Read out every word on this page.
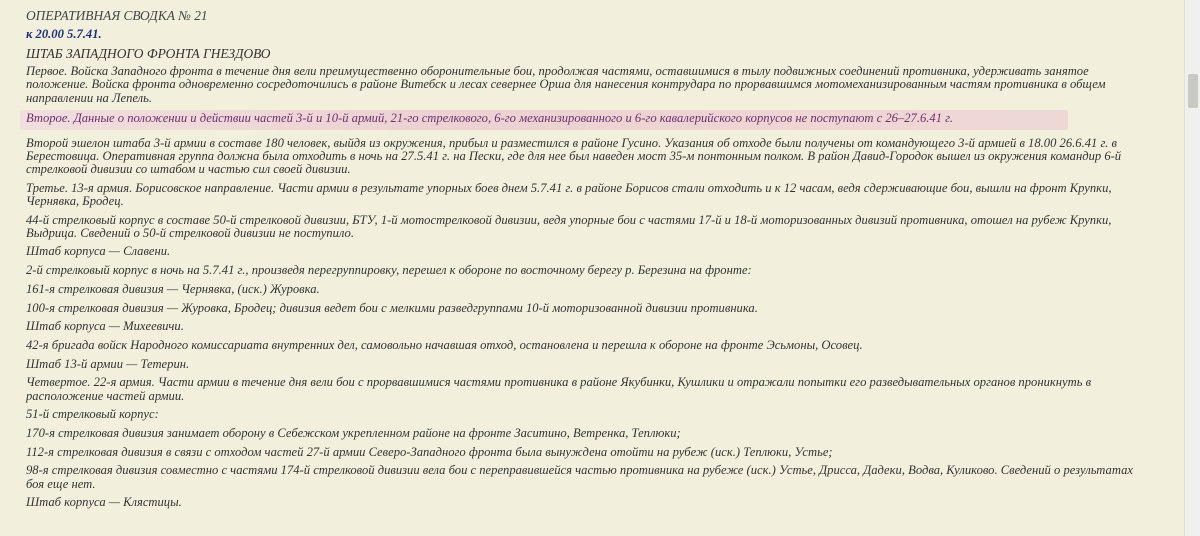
ОПЕРАТИВНАЯ СВОДКА № 21

к 20.00 5.7.41.

ШТАБ ЗАПАДНОГО ФРОНТА ГНЕЗДОВО

Первое. Войска Западного фронта в течение дня вели преимущественно оборонительные бои, продолжая частями, оставшимися в тылу подвижных соединений противника, удерживать занятое положение. Войска фронта одновременно сосредоточились в районе Витебск и лесах севернее Орша для нанесения контрудара по прорвавшимся мотомеханизированным частям противника в общем направлении на Лепель.

Второе. Данные о положении и действии частей 3-й и 10-й армий, 21-го стрелкового, 6-го механизированного и 6-го кавалерийского корпусов не поступают с 26–27.6.41 г.

Второй эшелон штаба 3-й армии в составе 180 человек, выйдя из окружения, прибыл и разместился в районе Гусино. Указания об отходе были получены от командующего 3-й армией в 18.00 26.6.41 г. в Берестовица. Оперативная группа должна была отходить в ночь на 27.5.41 г. на Пески, где для нее был наведен мост 35-м понтонным полком. В район Давид-Городок вышел из окружения командир 6-й стрелковой дивизии со штабом и частью сил своей дивизии.

Третье. 13-я армия. Борисовское направление. Части армии в результате упорных боев днем 5.7.41 г. в районе Борисов стали отходить и к 12 часам, ведя сдерживающие бои, вышли на фронт Крупки, Чернявка, Бродец.

44-й стрелковый корпус в составе 50-й стрелковой дивизии, БТУ, 1-й мотострелковой дивизии, ведя упорные бои с частями 17-й и 18-й моторизованных дивизий противника, отошел на рубеж Крупки, Выдрица. Сведений о 50-й стрелковой дивизии не поступило.

Штаб корпуса — Славени.

2-й стрелковый корпус в ночь на 5.7.41 г., произведя перегруппировку, перешел к обороне по восточному берегу р. Березина на фронте:

161-я стрелковая дивизия — Чернявка, (иск.) Журовка.

100-я стрелковая дивизия — Журовка, Бродец; дивизия ведет бои с мелкими разведгруппами 10-й моторизованной дивизии противника.

Штаб корпуса — Михеевичи.

42-я бригада войск Народного комиссариата внутренних дел, самовольно начавшая отход, остановлена и перешла к обороне на фронте Эсьмоны, Осовец.

Штаб 13-й армии — Тетерин.

Четвертое. 22-я армия. Части армии в течение дня вели бои с прорвавшимися частями противника в районе Якубинки, Кушлики и отражали попытки его разведывательных органов проникнуть в расположение частей армии.

51-й стрелковый корпус:

170-я стрелковая дивизия занимает оборону в Себежском укрепленном районе на фронте Заситино, Ветренка, Теплюки;

112-я стрелковая дивизия в связи с отходом частей 27-й армии Северо-Западного фронта была вынуждена отойти на рубеж (иск.) Теплюки, Устье;

98-я стрелковая дивизия совместно с частями 174-й стрелковой дивизии вела бои с переправившейся частью противника на рубеже (иск.) Устье, Дрисса, Дадеки, Водва, Куликово. Сведений о результатах боя еще нет.

Штаб корпуса — Клястицы.
